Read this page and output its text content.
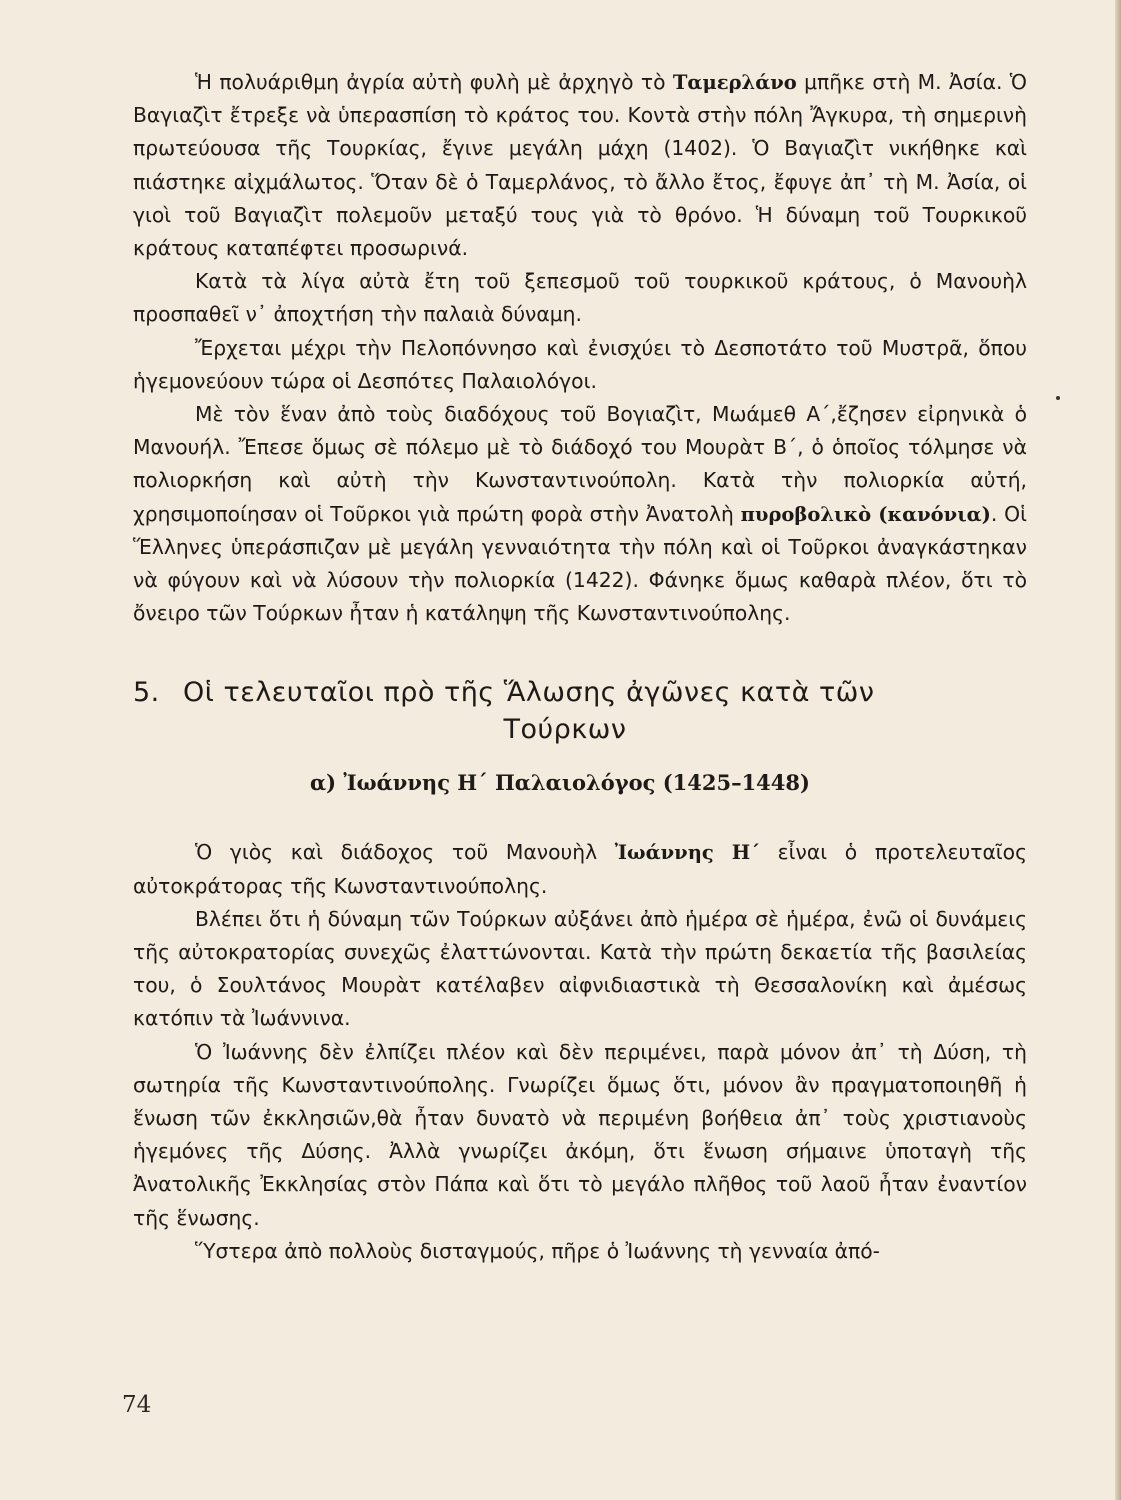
Ἡ πολυάριθμη ἀγρία αὐτὴ φυλὴ μὲ ἀρχηγὸ τὸ Ταμερλάνο μπῆκε στὴ Μ. Ἀσία. Ὁ Βαγιαζὶτ ἔτρεξε νὰ ὑπερασπίση τὸ κράτος του. Κοντὰ στὴν πόλη Ἄγκυρα, τὴ σημερινὴ πρωτεύουσα τῆς Τουρκίας, ἔγινε μεγάλη μάχη (1402). Ὁ Βαγιαζὶτ νικήθηκε καὶ πιάστηκε αἰχμάλωτος. Ὅταν δὲ ὁ Ταμερλάνος, τὸ ἄλλο ἔτος, ἔφυγε ἀπ᾿ τὴ Μ. Ἀσία, οἱ γιοὶ τοῦ Βαγιαζὶτ πολεμοῦν μεταξύ τους γιὰ τὸ θρόνο. Ἡ δύναμη τοῦ Τουρκικοῦ κράτους καταπέφτει προσωρινά.

Κατὰ τὰ λίγα αὐτὰ ἔτη τοῦ ξεπεσμοῦ τοῦ τουρκικοῦ κράτους, ὁ Μανουὴλ προσπαθεῖ ν᾿ ἀποχτήση τὴν παλαιὰ δύναμη.

Ἔρχεται μέχρι τὴν Πελοπόννησο καὶ ἐνισχύει τὸ Δεσποτάτο τοῦ Μυστρᾶ, ὅπου ἡγεμονεύουν τώρα οἱ Δεσπότες Παλαιολόγοι.

Μὲ τὸν ἕναν ἀπὸ τοὺς διαδόχους τοῦ Βογιαζὶτ, Μωάμεθ Α΄,ἔζησεν εἰρηνικὰ ὁ Μανουήλ. Ἔπεσε ὅμως σὲ πόλεμο μὲ τὸ διάδοχό του Μουρὰτ Β΄, ὁ ὁποῖος τόλμησε νὰ πολιορκήση καὶ αὐτὴ τὴν Κωνσταντινούπολη. Κατὰ τὴν πολιορκία αὐτή, χρησιμοποίησαν οἱ Τοῦρκοι γιὰ πρώτη φορὰ στὴν Ἀνατολὴ πυροβολικὸ (κανόνια). Οἱ Ἕλληνες ὑπεράσπιζαν μὲ μεγάλη γενναιότητα τὴν πόλη καὶ οἱ Τοῦρκοι ἀναγκάστηκαν νὰ φύγουν καὶ νὰ λύσουν τὴν πολιορκία (1422). Φάνηκε ὅμως καθαρὰ πλέον, ὅτι τὸ ὄνειρο τῶν Τούρκων ἦταν ἡ κατάληψη τῆς Κωνσταντινούπολης.

5. Οἱ τελευταῖοι πρὸ τῆς Ἅλωσης ἀγῶνες κατὰ τῶν
Τούρκων
α) Ἰωάννης Η΄ Παλαιολόγος (1425–1448)

Ὁ γιὸς καὶ διάδοχος τοῦ Μανουὴλ Ἰωάννης Η΄ εἶναι ὁ προτελευταῖος αὐτοκράτορας τῆς Κωνσταντινούπολης.

Βλέπει ὅτι ἡ δύναμη τῶν Τούρκων αὐξάνει ἀπὸ ἡμέρα σὲ ἡμέρα, ἐνῶ οἱ δυνάμεις τῆς αὐτοκρατορίας συνεχῶς ἐλαττώνονται. Κατὰ τὴν πρώτη δεκαετία τῆς βασιλείας του, ὁ Σουλτάνος Μουρὰτ κατέλαβεν αἰφνιδιαστικὰ τὴ Θεσσαλονίκη καὶ ἀμέσως κατόπιν τὰ Ἰωάννινα.

Ὁ Ἰωάννης δὲν ἐλπίζει πλέον καὶ δὲν περιμένει, παρὰ μόνον ἀπ᾿ τὴ Δύση, τὴ σωτηρία τῆς Κωνσταντινούπολης. Γνωρίζει ὅμως ὅτι, μόνον ἂν πραγματοποιηθῆ ἡ ἕνωση τῶν ἐκκλησιῶν,θὰ ἦταν δυνατὸ νὰ περιμένη βοήθεια ἀπ᾿ τοὺς χριστιανοὺς ἡγεμόνες τῆς Δύσης. Ἀλλὰ γνωρίζει ἀκόμη, ὅτι ἕνωση σήμαινε ὑποταγὴ τῆς Ἀνατολικῆς Ἐκκλησίας στὸν Πάπα καὶ ὅτι τὸ μεγάλο πλῆθος τοῦ λαοῦ ἦταν ἐναντίον τῆς ἕνωσης.

Ὕστερα ἀπὸ πολλοὺς δισταγμούς, πῆρε ὁ Ἰωάννης τὴ γενναία ἀπό-

74
